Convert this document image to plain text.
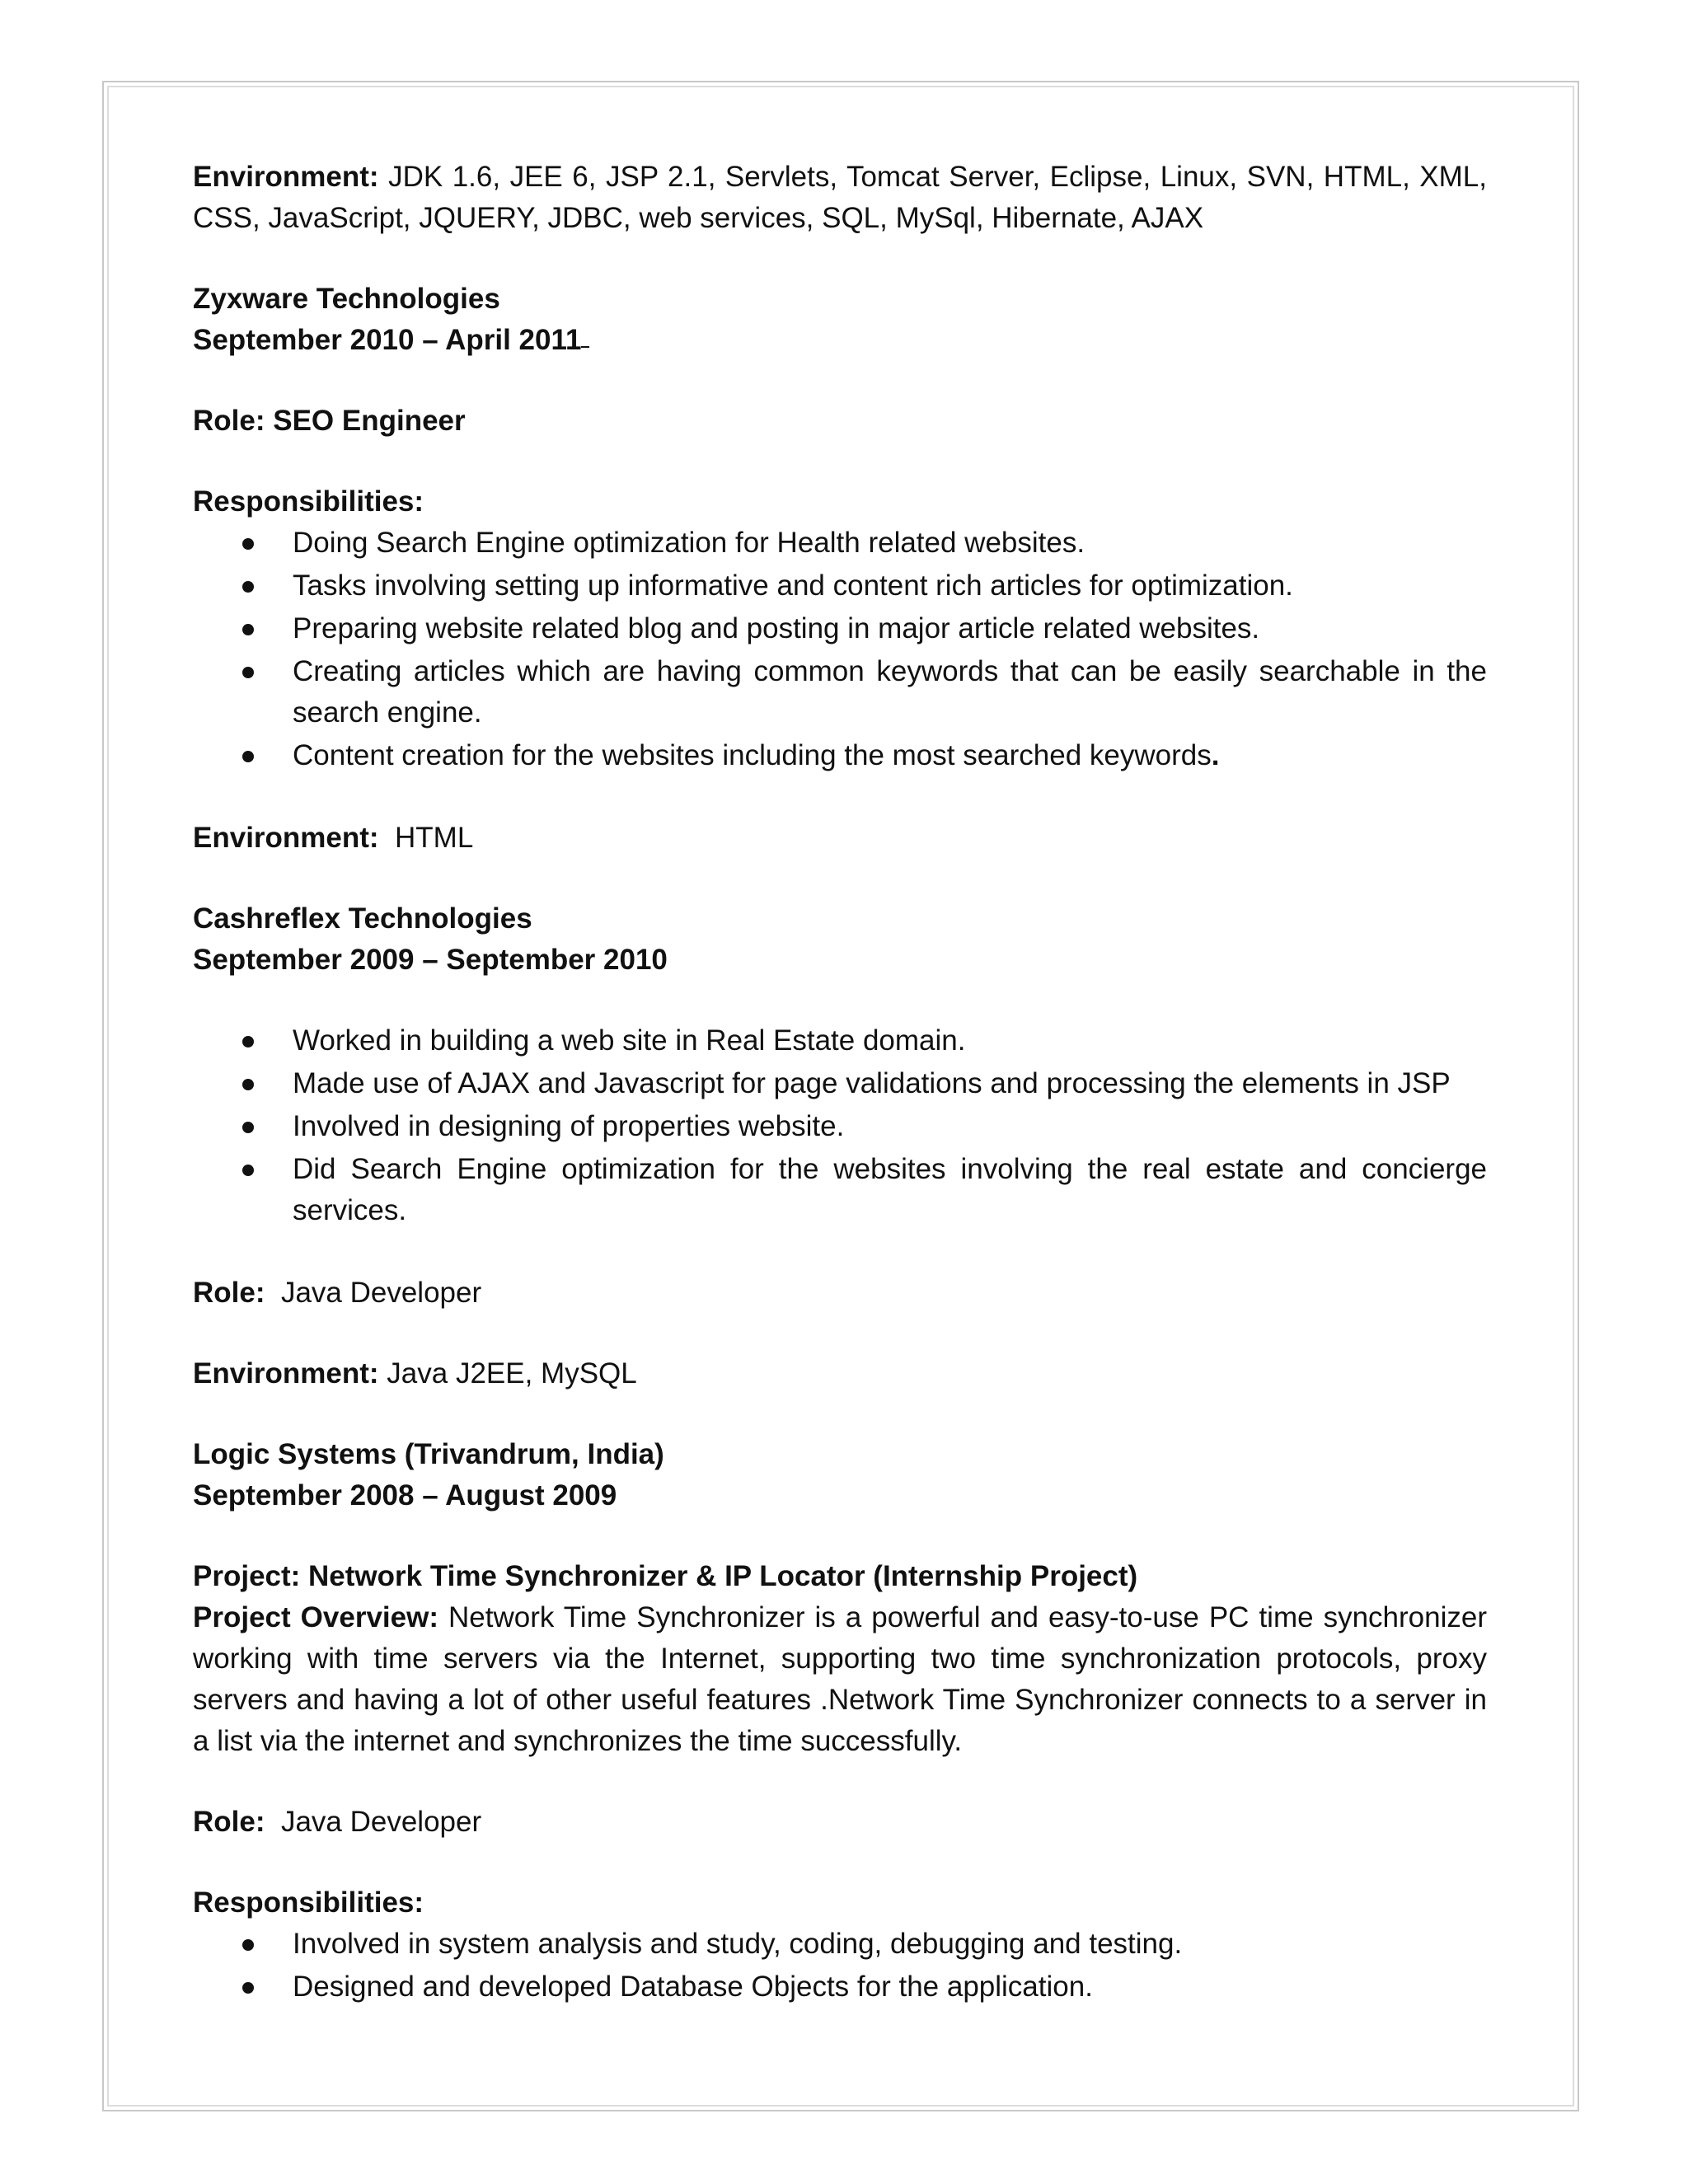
Environment: JDK 1.6, JEE 6, JSP 2.1, Servlets, Tomcat Server, Eclipse, Linux, SVN, HTML, XML, CSS, JavaScript, JQUERY, JDBC, web services, SQL, MySql, Hibernate, AJAX

Zyxware Technologies

September 2010 – April 2011

Role: SEO Engineer

Responsibilities:

Doing Search Engine optimization for Health related websites.
Tasks involving setting up informative and content rich articles for optimization.
Preparing website related blog and posting in major article related websites.
Creating articles which are having common keywords that can be easily searchable in the search engine.
Content creation for the websites including the most searched keywords.

Environment:  HTML

Cashreflex Technologies

September 2009 – September 2010

Worked in building a web site in Real Estate domain.
Made use of AJAX and Javascript for page validations and processing the elements in JSP
Involved in designing of properties website.
Did Search Engine optimization for the websites involving the real estate and concierge services.

Role:  Java Developer

Environment: Java J2EE, MySQL

Logic Systems (Trivandrum, India)

September 2008 – August 2009

Project: Network Time Synchronizer & IP Locator (Internship Project)

Project Overview: Network Time Synchronizer is a powerful and easy-to-use PC time synchronizer working with time servers via the Internet, supporting two time synchronization protocols, proxy servers and having a lot of other useful features .Network Time Synchronizer connects to a server in a list via the internet and synchronizes the time successfully.

Role:  Java Developer

Responsibilities:

Involved in system analysis and study, coding, debugging and testing.
Designed and developed Database Objects for the application.
